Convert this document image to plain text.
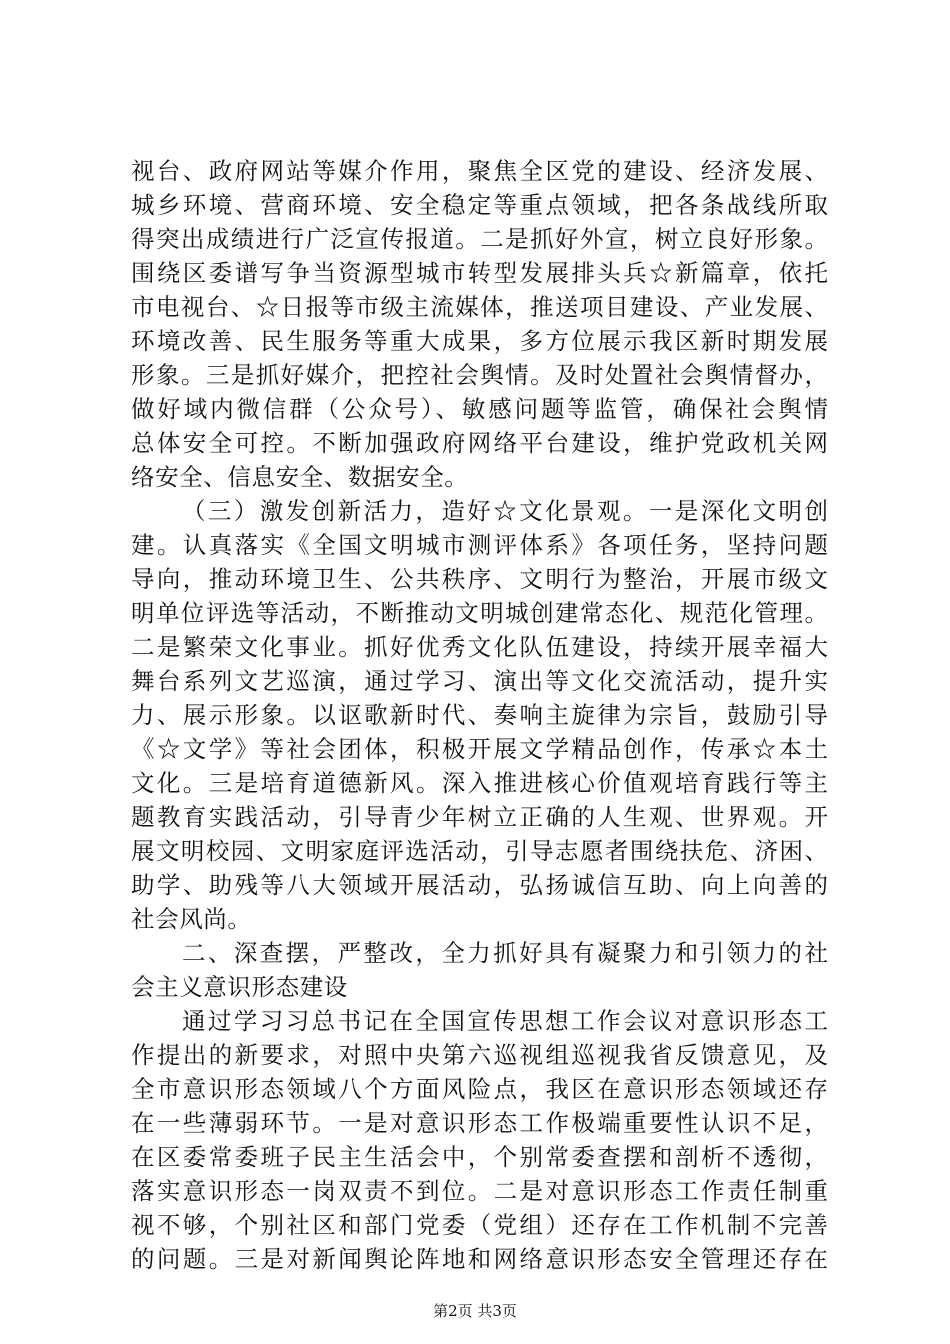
视台、政府网站等媒介作用，聚焦全区党的建设、经济发展、
城乡环境、营商环境、安全稳定等重点领域，把各条战线所取
得突出成绩进行广泛宣传报道。二是抓好外宣，树立良好形象。
围绕区委谱写争当资源型城市转型发展排头兵☆新篇章，依托
市电视台、☆日报等市级主流媒体，推送项目建设、产业发展、
环境改善、民生服务等重大成果，多方位展示我区新时期发展
形象。三是抓好媒介，把控社会舆情。及时处置社会舆情督办，
做好域内微信群（公众号）、敏感问题等监管，确保社会舆情
总体安全可控。不断加强政府网络平台建设，维护党政机关网
络安全、信息安全、数据安全。
（三）激发创新活力，造好☆文化景观。一是深化文明创
建。认真落实《全国文明城市测评体系》各项任务，坚持问题
导向，推动环境卫生、公共秩序、文明行为整治，开展市级文
明单位评选等活动，不断推动文明城创建常态化、规范化管理。
二是繁荣文化事业。抓好优秀文化队伍建设，持续开展幸福大
舞台系列文艺巡演，通过学习、演出等文化交流活动，提升实
力、展示形象。以讴歌新时代、奏响主旋律为宗旨，鼓励引导
《☆文学》等社会团体，积极开展文学精品创作，传承☆本土
文化。三是培育道德新风。深入推进核心价值观培育践行等主
题教育实践活动，引导青少年树立正确的人生观、世界观。开
展文明校园、文明家庭评选活动，引导志愿者围绕扶危、济困、
助学、助残等八大领域开展活动，弘扬诚信互助、向上向善的
社会风尚。
二、深查摆，严整改，全力抓好具有凝聚力和引领力的社
会主义意识形态建设
通过学习习总书记在全国宣传思想工作会议对意识形态工
作提出的新要求，对照中央第六巡视组巡视我省反馈意见，及
全市意识形态领域八个方面风险点，我区在意识形态领域还存
在一些薄弱环节。一是对意识形态工作极端重要性认识不足，
在区委常委班子民主生活会中，个别常委查摆和剖析不透彻，
落实意识形态一岗双责不到位。二是对意识形态工作责任制重
视不够，个别社区和部门党委（党组）还存在工作机制不完善
的问题。三是对新闻舆论阵地和网络意识形态安全管理还存在
第2页 共3页
